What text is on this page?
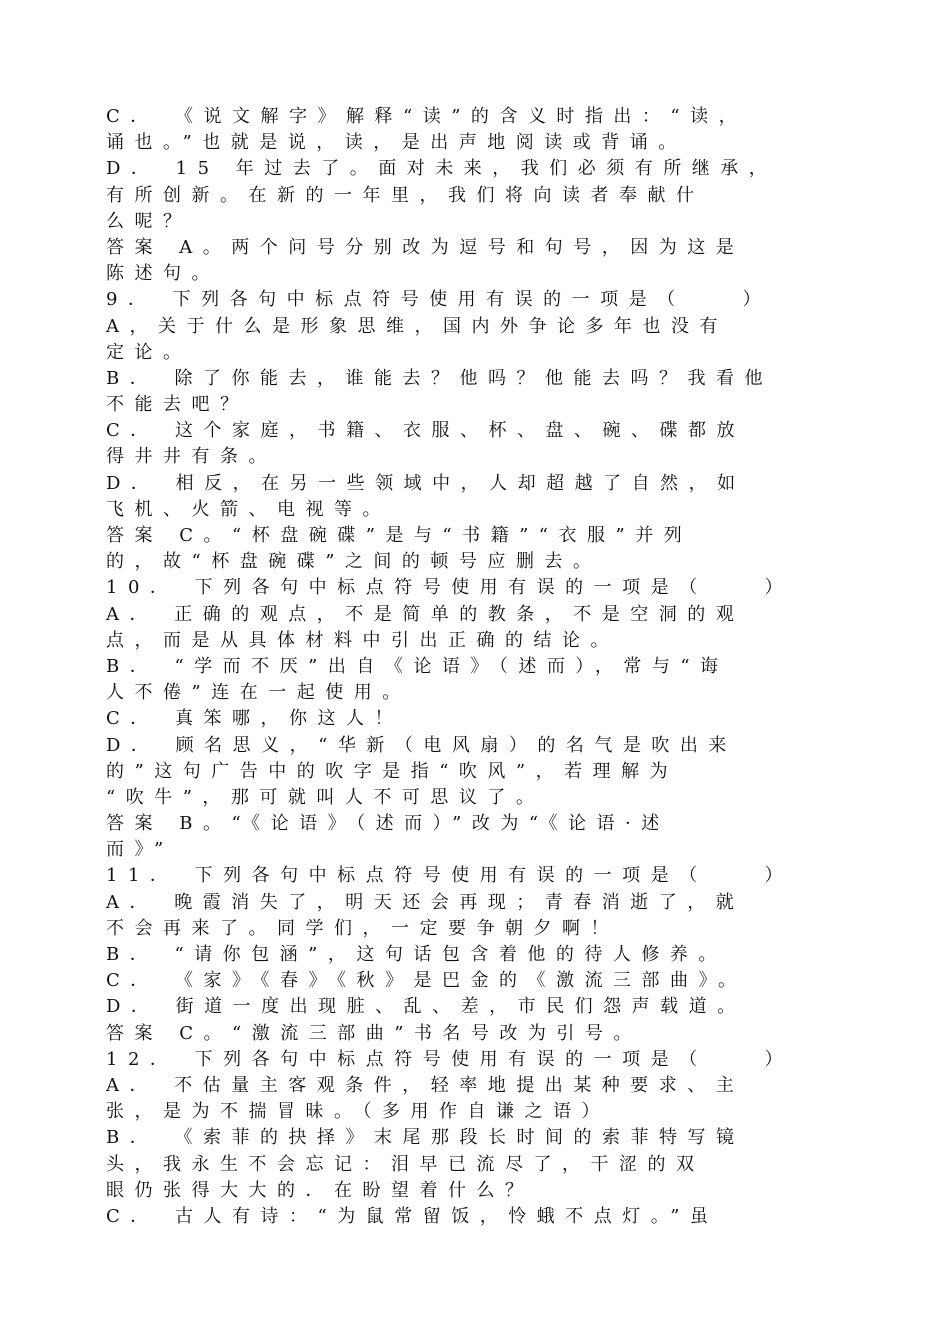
C． 《说文解字》解释“读”的含义时指出：“读，
诵也。”也就是说，读，是出声地阅读或背诵。
D． 15 年过去了。面对未来，我们必须有所继承，
有所创新。在新的一年里，我们将向读者奉献什
么呢？
答案 A。两个问号分别改为逗号和句号，因为这是
陈述句。
9． 下列各句中标点符号使用有误的一项是（　　）
A，关于什么是形象思维，国内外争论多年也没有
定论。
B． 除了你能去，谁能去？他吗？他能去吗？我看他
不能去吧？
C． 这个家庭，书籍、衣服、杯、盘、碗、碟都放
得井井有条。
D． 相反，在另一些领域中，人却超越了自然，如
飞机、火箭、电视等。
答案 C。“杯盘碗碟”是与“书籍”“衣服”并列
的，故“杯盘碗碟”之间的顿号应删去。
10． 下列各句中标点符号使用有误的一项是（　　）
A． 正确的观点，不是简单的教条，不是空洞的观
点，而是从具体材料中引出正确的结论。
B． “学而不厌”出自《论语》（述而），常与“诲
人不倦”连在一起使用。
C． 真笨哪，你这人！
D． 顾名思义，“华新（电风扇）的名气是吹出来
的”这句广告中的吹字是指“吹风”，若理解为
“吹牛”，那可就叫人不可思议了。
答案 B。“《论语》（述而）”改为“《论语·述
而》”
11． 下列各句中标点符号使用有误的一项是（　　）
A． 晚霞消失了，明天还会再现；青春消逝了，就
不会再来了。同学们，一定要争朝夕啊！
B． “请你包涵”，这句话包含着他的待人修养。
C． 《家》《春》《秋》是巴金的《激流三部曲》。
D． 街道一度出现脏、乱、差，市民们怨声载道。
答案 C。“激流三部曲”书名号改为引号。
12． 下列各句中标点符号使用有误的一项是（　　）
A． 不估量主客观条件，轻率地提出某种要求、主
张，是为不揣冒昧。（多用作自谦之语）
B． 《索菲的抉择》末尾那段长时间的索菲特写镜
头，我永生不会忘记：泪早已流尽了，干涩的双
眼仍张得大大的．在盼望着什么？
C． 古人有诗：“为鼠常留饭，怜蛾不点灯。”虽
